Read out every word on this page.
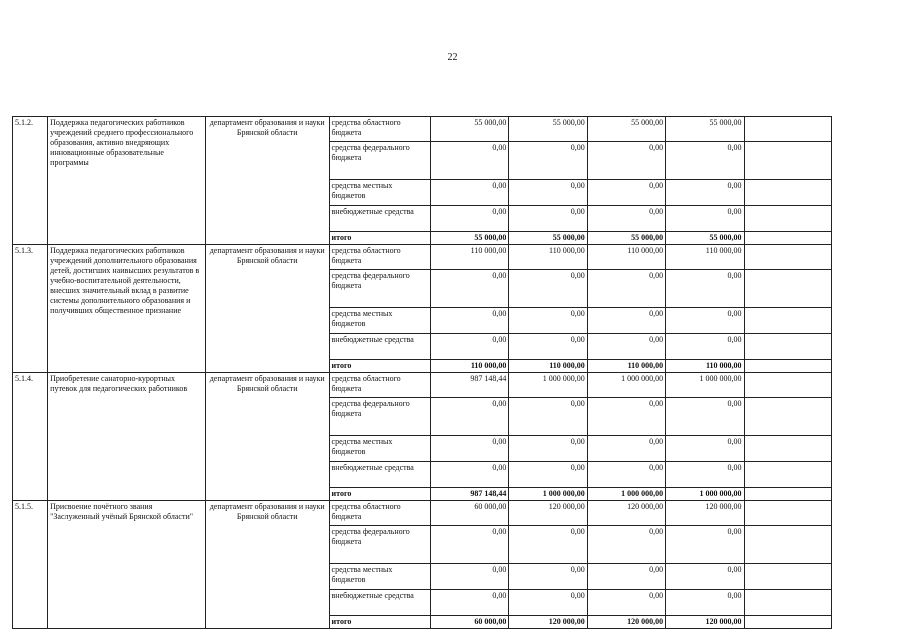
22
5.1.2.	Поддержка педагогических работников учреждений среднего профессионального образования, активно внедряющих инновационные образовательные программы	департамент образования и науки Брянской области	средства областного бюджета	55 000,00	55 000,00	55 000,00	55 000,00	
			средства федерального бюджета	0,00	0,00	0,00	0,00	
			средства местных бюджетов	0,00	0,00	0,00	0,00	
			внебюджетные средства	0,00	0,00	0,00	0,00	
			итого	55 000,00	55 000,00	55 000,00	55 000,00	
5.1.3.	Поддержка педагогических работников учреждений дополнительного образования детей, достигших наивысших результатов в учебно-воспитательной деятельности, внесших значительный вклад в развитие системы дополнительного образования и получивших общественное признание	департамент образования и науки Брянской области	средства областного бюджета	110 000,00	110 000,00	110 000,00	110 000,00	
			средства федерального бюджета	0,00	0,00	0,00	0,00	
			средства местных бюджетов	0,00	0,00	0,00	0,00	
			внебюджетные средства	0,00	0,00	0,00	0,00	
			итого	110 000,00	110 000,00	110 000,00	110 000,00	
5.1.4.	Приобретение санаторно-курортных путевок для педагогических работников	департамент образования и науки Брянской области	средства областного бюджета	987 148,44	1 000 000,00	1 000 000,00	1 000 000,00	
			средства федерального бюджета	0,00	0,00	0,00	0,00	
			средства местных бюджетов	0,00	0,00	0,00	0,00	
			внебюджетные средства	0,00	0,00	0,00	0,00	
			итого	987 148,44	1 000 000,00	1 000 000,00	1 000 000,00	
5.1.5.	Присвоение почётного звания "Заслуженный учёный Брянской области"	департамент образования и науки Брянской области	средства областного бюджета	60 000,00	120 000,00	120 000,00	120 000,00	
			средства федерального бюджета	0,00	0,00	0,00	0,00	
			средства местных бюджетов	0,00	0,00	0,00	0,00	
			внебюджетные средства	0,00	0,00	0,00	0,00	
			итого	60 000,00	120 000,00	120 000,00	120 000,00	
